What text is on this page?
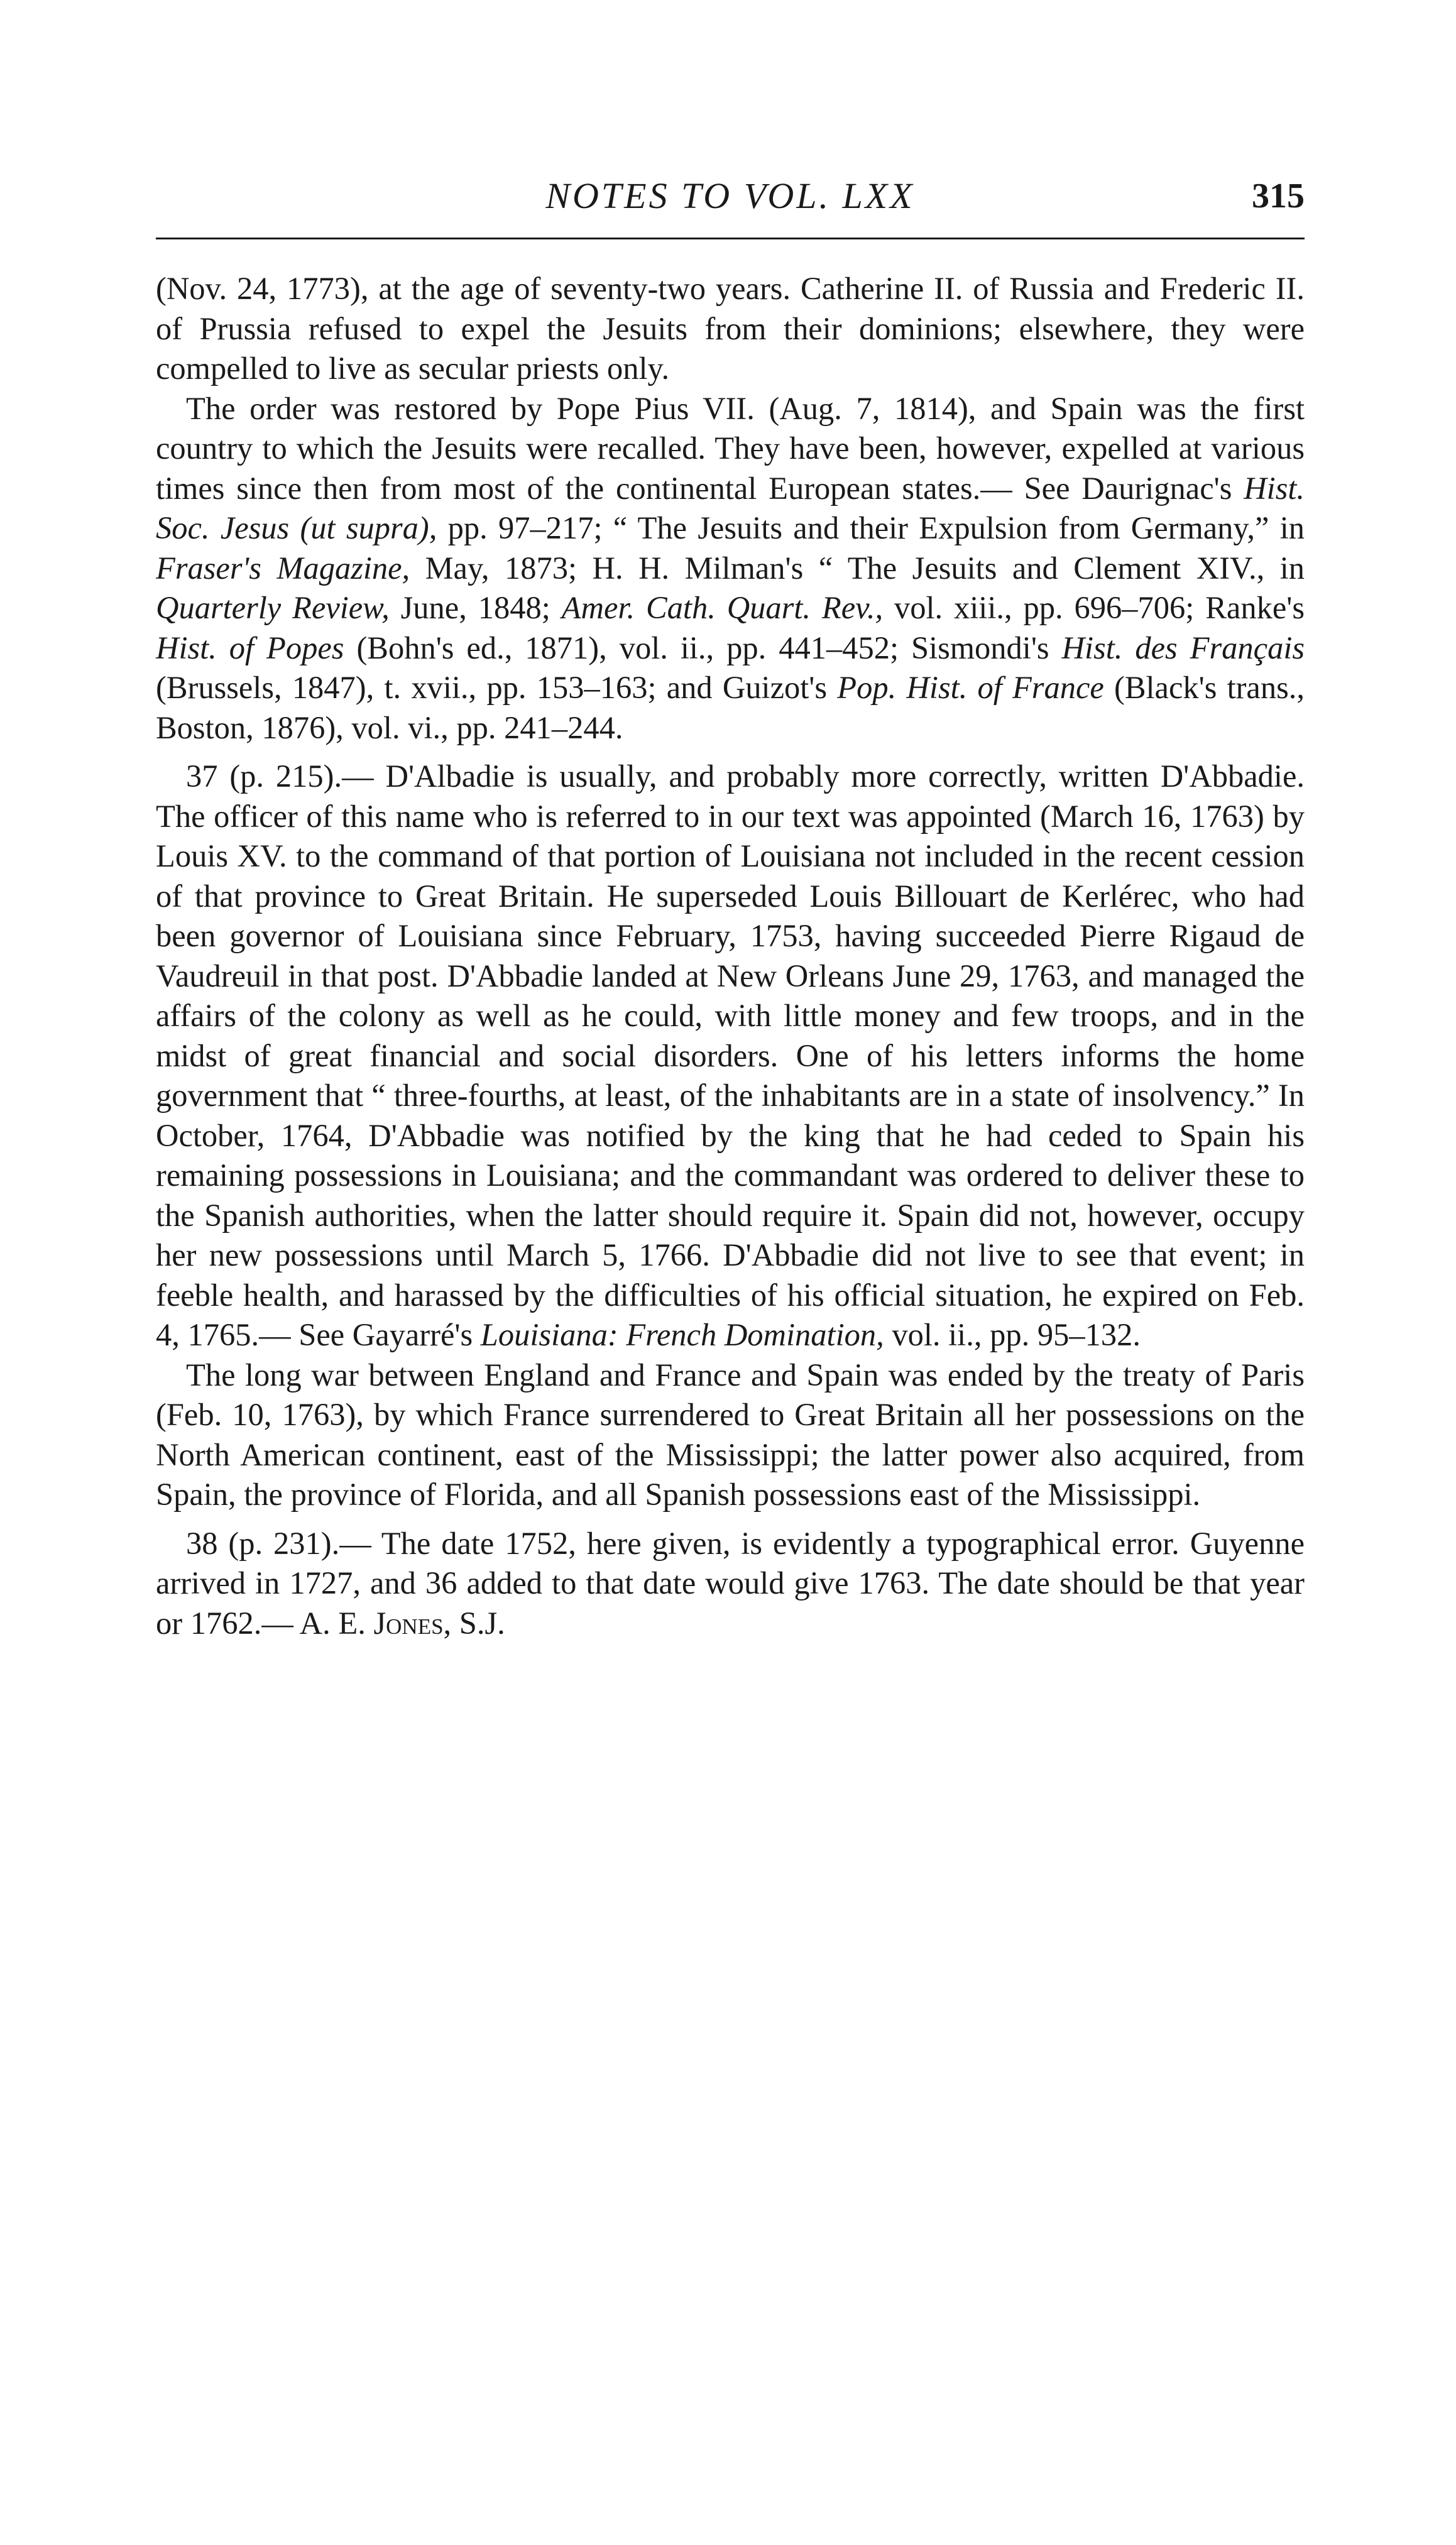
NOTES TO VOL. LXX	315

(Nov. 24, 1773), at the age of seventy-two years. Catherine II. of Russia and Frederic II. of Prussia refused to expel the Jesuits from their dominions; elsewhere, they were compelled to live as secular priests only.

The order was restored by Pope Pius VII. (Aug. 7, 1814), and Spain was the first country to which the Jesuits were recalled. They have been, however, expelled at various times since then from most of the continental European states.— See Daurignac's Hist. Soc. Jesus (ut supra), pp. 97–217; “ The Jesuits and their Expulsion from Germany,” in Fraser's Magazine, May, 1873; H. H. Milman's “ The Jesuits and Clement XIV., in Quarterly Review, June, 1848; Amer. Cath. Quart. Rev., vol. xiii., pp. 696–706; Ranke's Hist. of Popes (Bohn's ed., 1871), vol. ii., pp. 441–452; Sismondi's Hist. des Français (Brussels, 1847), t. xvii., pp. 153–163; and Guizot's Pop. Hist. of France (Black's trans., Boston, 1876), vol. vi., pp. 241–244.

37 (p. 215).— D'Albadie is usually, and probably more correctly, written D'Abbadie. The officer of this name who is referred to in our text was appointed (March 16, 1763) by Louis XV. to the command of that portion of Louisiana not included in the recent cession of that province to Great Britain. He superseded Louis Billouart de Kerlérec, who had been governor of Louisiana since February, 1753, having succeeded Pierre Rigaud de Vaudreuil in that post. D'Abbadie landed at New Orleans June 29, 1763, and managed the affairs of the colony as well as he could, with little money and few troops, and in the midst of great financial and social disorders. One of his letters informs the home government that “ three-fourths, at least, of the inhabitants are in a state of insolvency.” In October, 1764, D'Abbadie was notified by the king that he had ceded to Spain his remaining possessions in Louisiana; and the commandant was ordered to deliver these to the Spanish authorities, when the latter should require it. Spain did not, however, occupy her new possessions until March 5, 1766. D'Abbadie did not live to see that event; in feeble health, and harassed by the difficulties of his official situation, he expired on Feb. 4, 1765.— See Gayarré's Louisiana: French Domination, vol. ii., pp. 95–132.

The long war between England and France and Spain was ended by the treaty of Paris (Feb. 10, 1763), by which France surrendered to Great Britain all her possessions on the North American continent, east of the Mississippi; the latter power also acquired, from Spain, the province of Florida, and all Spanish possessions east of the Mississippi.

38 (p. 231).— The date 1752, here given, is evidently a typographical error. Guyenne arrived in 1727, and 36 added to that date would give 1763. The date should be that year or 1762.— A. E. Jones, S.J.
